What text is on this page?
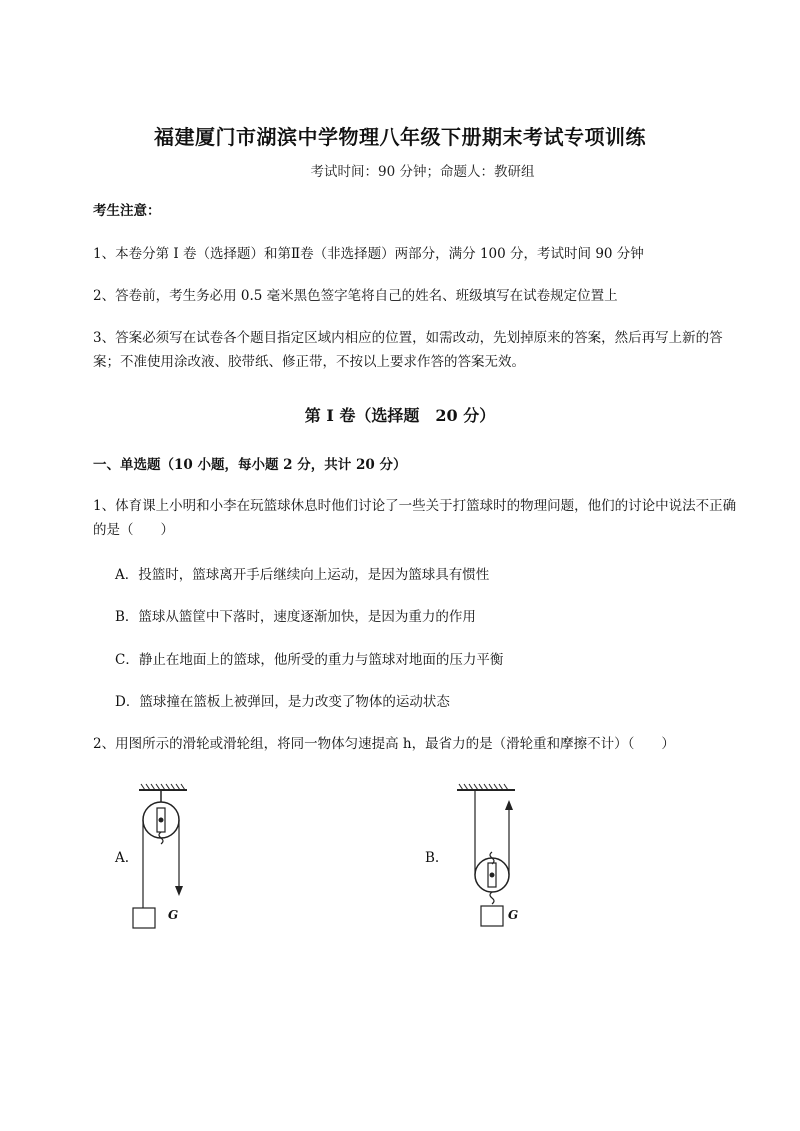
福建厦门市湖滨中学物理八年级下册期末考试专项训练
考试时间：90 分钟；命题人：教研组
考生注意：
1、本卷分第 I 卷（选择题）和第Ⅱ卷（非选择题）两部分，满分 100 分，考试时间 90 分钟
2、答卷前，考生务必用 0.5 毫米黑色签字笔将自己的姓名、班级填写在试卷规定位置上
3、答案必须写在试卷各个题目指定区域内相应的位置，如需改动，先划掉原来的答案，然后再写上新的答案；不准使用涂改液、胶带纸、修正带，不按以上要求作答的答案无效。
第 I 卷（选择题　20 分）
一、单选题（10 小题，每小题 2 分，共计 20 分）
1、体育课上小明和小李在玩篮球休息时他们讨论了一些关于打篮球时的物理问题，他们的讨论中说法不正确的是（　　）
A．投篮时，篮球离开手后继续向上运动，是因为篮球具有惯性
B．篮球从篮筐中下落时，速度逐渐加快，是因为重力的作用
C．静止在地面上的篮球，他所受的重力与篮球对地面的压力平衡
D．篮球撞在篮板上被弹回，是力改变了物体的运动状态
2、用图所示的滑轮或滑轮组，将同一物体匀速提高 h，最省力的是（滑轮重和摩擦不计）（　　）
A.	B.
G	G
